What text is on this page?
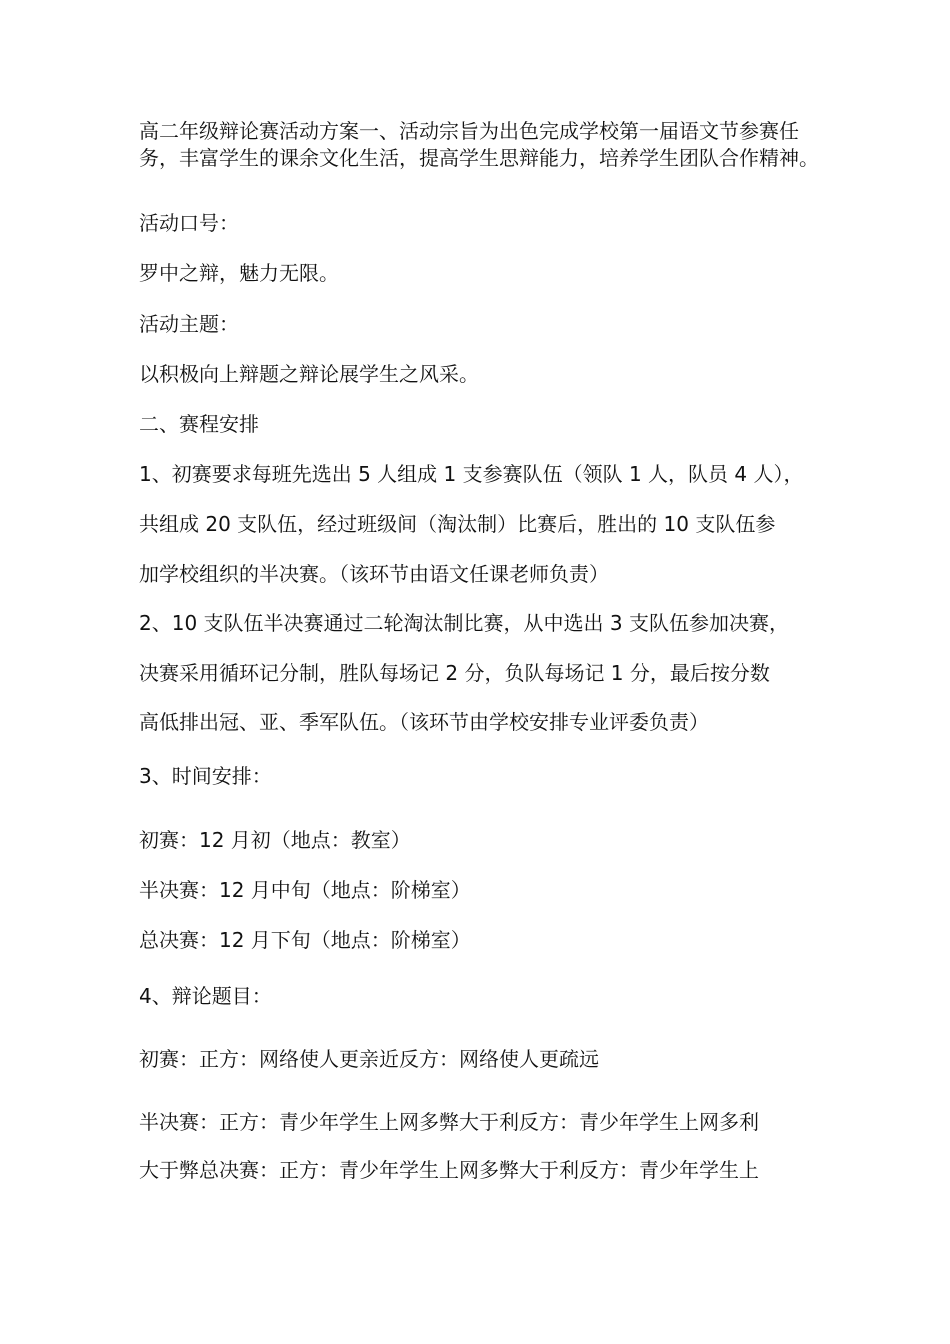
高二年级辩论赛活动方案一、活动宗旨为出色完成学校第一届语文节参赛任务，丰富学生的课余文化生活，提高学生思辩能力，培养学生团队合作精神。
活动口号：
罗中之辩，魅力无限。
活动主题：
以积极向上辩题之辩论展学生之风采。
二、赛程安排
1、初赛要求每班先选出 5 人组成 1 支参赛队伍（领队 1 人，队员 4 人），
共组成 20 支队伍，经过班级间（淘汰制）比赛后，胜出的 10 支队伍参
加学校组织的半决赛。（该环节由语文任课老师负责）
2、10 支队伍半决赛通过二轮淘汰制比赛，从中选出 3 支队伍参加决赛，
决赛采用循环记分制，胜队每场记 2 分，负队每场记 1 分，最后按分数
高低排出冠、亚、季军队伍。（该环节由学校安排专业评委负责）
3、时间安排：
初赛：12 月初（地点：教室）
半决赛：12 月中旬（地点：阶梯室）
总决赛：12 月下旬（地点：阶梯室）
4、辩论题目：
初赛：正方：网络使人更亲近反方：网络使人更疏远
半决赛：正方：青少年学生上网多弊大于利反方：青少年学生上网多利
大于弊总决赛：正方：青少年学生上网多弊大于利反方：青少年学生上
